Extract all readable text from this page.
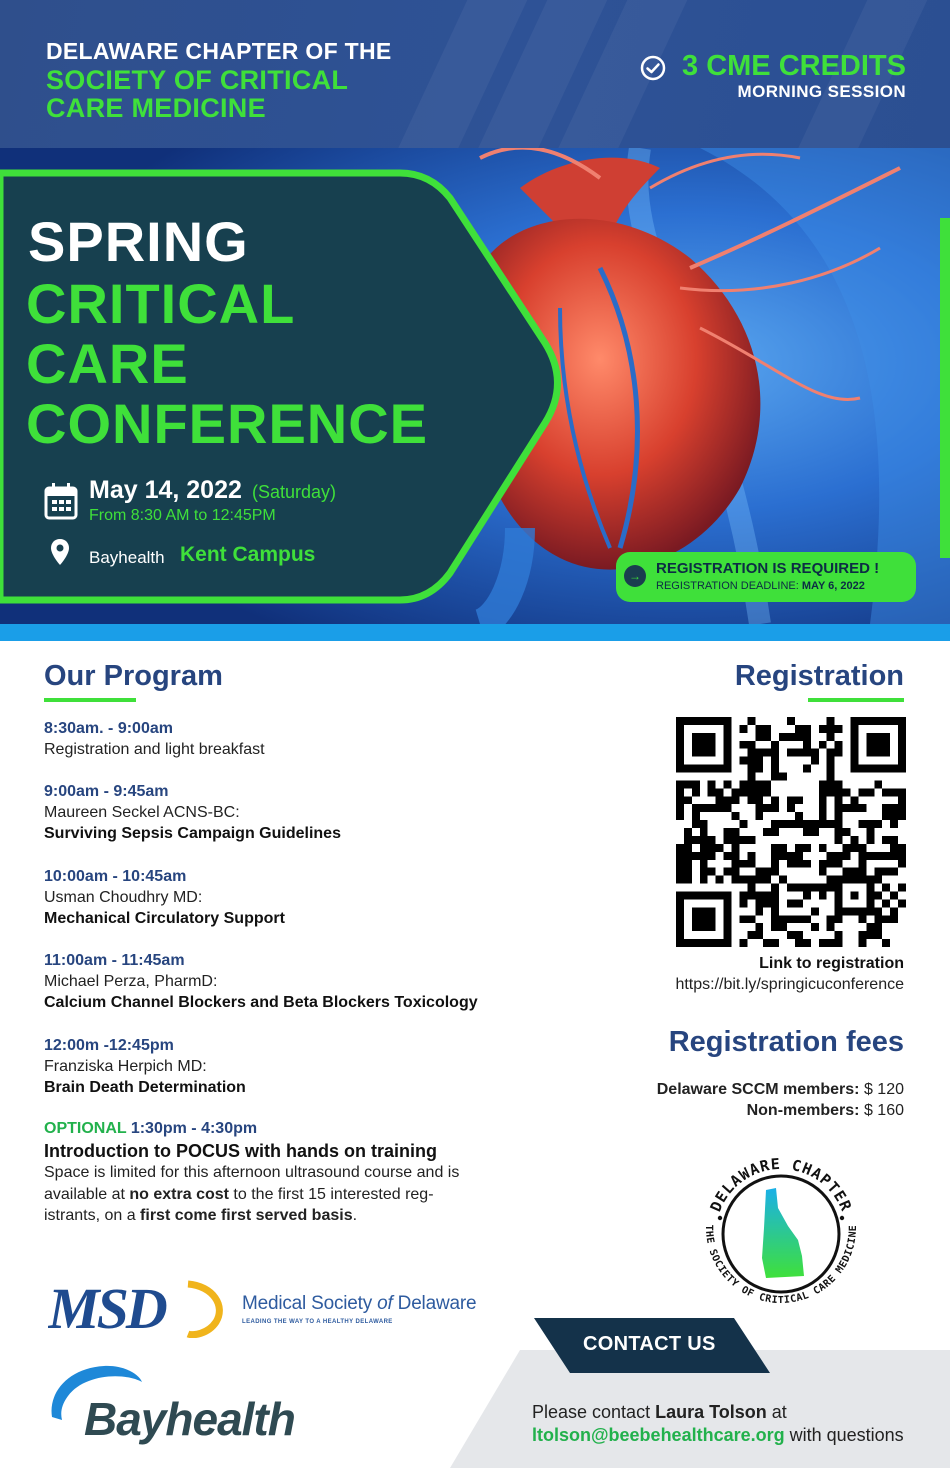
DELAWARE CHAPTER OF THE
SOCIETY OF CRITICAL CARE MEDICINE
3 CME CREDITS
MORNING SESSION
SPRING
CRITICAL
CARE
CONFERENCE
May 14, 2022 (Saturday)
From 8:30 AM to 12:45PM
Bayhealth Kent Campus
→	REGISTRATION IS REQUIRED !
REGISTRATION DEADLINE: MAY 6, 2022
Our Program
8:30am. - 9:00am
Registration and light breakfast
9:00am - 9:45am
Maureen Seckel ACNS-BC:
Surviving Sepsis Campaign Guidelines
10:00am - 10:45am
Usman Choudhry MD:
Mechanical Circulatory Support
11:00am - 11:45am
Michael Perza, PharmD:
Calcium Channel Blockers and Beta Blockers Toxicology
12:00m -12:45pm
Franziska Herpich MD:
Brain Death Determination
OPTIONAL 1:30pm - 4:30pm
Introduction to POCUS with hands on training
Space is limited for this afternoon ultrasound course and is available at no extra cost to the first 15 interested reg-istrants, on a first come first served basis.
Registration
Link to registration
https://bit.ly/springicuconference
Registration fees
Delaware SCCM members: $ 120
Non-members: $ 160
DELAWARE CHAPTER
THE SOCIETY OF CRITICAL CARE MEDICINE
MSD	Medical Society of Delaware
LEADING THE WAY TO A HEALTHY DELAWARE
Bayhealth
CONTACT US
Please contact Laura Tolson at
ltolson@beebehealthcare.org with questions
